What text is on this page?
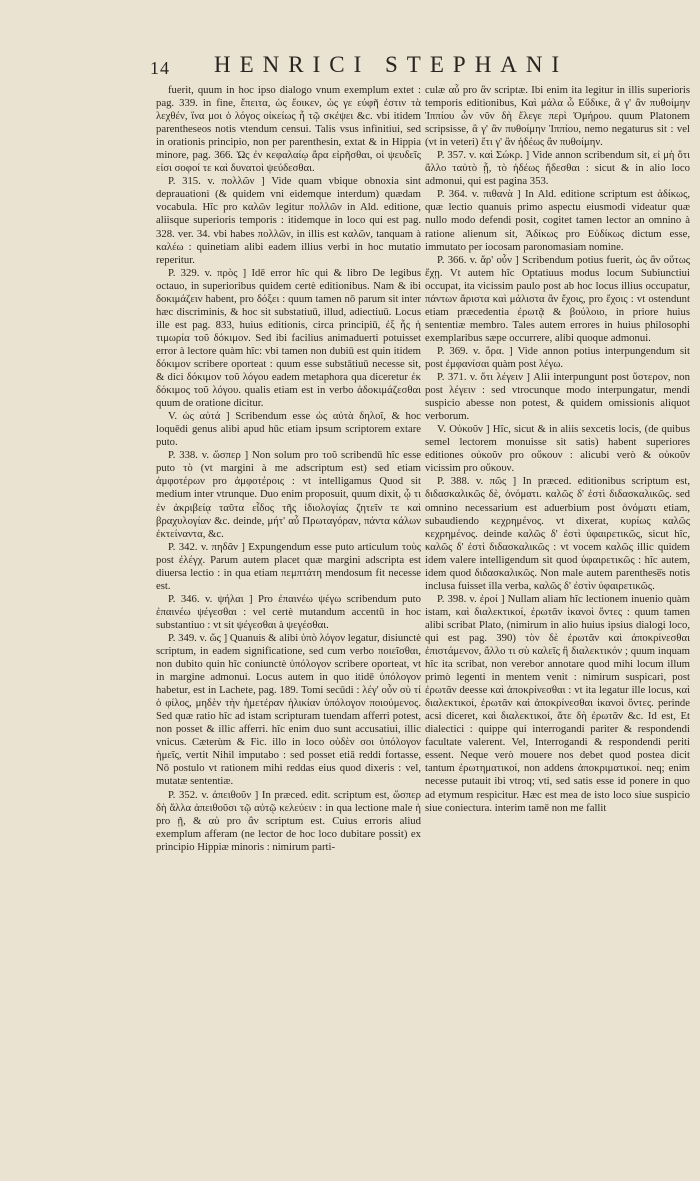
14 HENRICI STEPHANI

fuerit, quum in hoc ipso dialogo vnum exemplum extet : pag. 339. in fine, ἔπειτα, ὡς ἔοικεν, ὡς γε εὐφῆ ἐστιν τὰ λεχθέν, ἵνα μοι ὁ λόγος οἰκείως ἦ τῷ σκέψει &c. vbi itidem parentheseos notis vtendum censui. Talis vsus infinitiui, sed in orationis principio, non per parenthesin, extat & in Hippia minore, pag. 366. Ὡς ἐν κεφαλαίῳ ἄρα εἰρῆσθαι, οἱ ψευδεῖς εἰσι σοφοί τε καὶ δυνατοὶ ψεύδεσθαι.

P. 315. v. πολλῶν ] Vide quam vbique obnoxia sint deprauationi (& quidem vni eidemque interdum) quædam vocabula. Hîc pro καλῶν legitur πολλῶν in Ald. editione, aliisque superioris temporis : itidemque in loco qui est pag. 328. ver. 34. vbi habes πολλῶν, in illis est καλῶν, tanquam à καλέω : quinetiam alibi eadem illius verbi in hoc mutatio reperitur.

P. 329. v. πρὸς ] Idē error hîc qui & libro De legibus octauo, in superioribus quidem certè editionibus. Nam & ibi δοκιμάζειν habent, pro δόξει : quum tamen nō parum sit inter hæc discriminis, & hoc sit substatiuū, illud, adiectiuū. Locus ille est pag. 833, huius editionis, circa principiū, ἐξ ἧς ἡ τιμωρία τοῦ δόκιμον. Sed ibi facilius animaduerti potuisset error à lectore quàm hîc: vbi tamen non dubiū est quin itidem δόκιμον scribere oporteat : quum esse substātiuū necesse sit, & dici δόκιμον τοῦ λόγου eadem metaphora qua diceretur ἐκ δόκιμος τοῦ λόγου. qualis etiam est in verbo ἀδοκιμάζεσθαι quum de oratione dicitur.

V. ὡς αὐτά ] Scribendum esse ὡς αὐτὰ δηλοῖ, & hoc loquēdi genus alibi apud hūc etiam ipsum scriptorem extare puto.

P. 338. v. ὥσπερ ] Non solum pro τοῦ scribendū hîc esse puto τὸ (vt margini à me adscriptum est) sed etiam ἀμφοτέρων pro ἀμφοτέροις : vt intelligamus Quod sit medium inter vtrunque. Duo enim proposuit, quum dixit, ᾧ τι ἐν ἀκριβείᾳ ταῦτα εἶδος τῆς ἰδιολογίας ζητεῖν τε καὶ βραχυλογίαν &c. deinde, μήτ' αὖ Πρωταγόραν, πάντα κάλων ἐκτείναντα, &c.

P. 342. v. πηδᾶν ] Expungendum esse puto articulum τοὺς post ἐλέγχ. Parum autem placet quæ margini adscripta est diuersa lectio : in qua etiam πεμπτάτη mendosum fit necesse est.

P. 346. v. ψήλαι ] Pro ἐπαινέω ψέγω scribendum puto ἐπαινέω ψέγεσθαι : vel certè mutandum accentū in hoc substantiuo : vt sit ψέγεσθαι à ψεγέσθαι.

P. 349. v. ὥς ] Quanuis & alibi ὑπὸ λόγον legatur, disiunctè scriptum, in eadem significatione, sed cum verbo ποιεῖσθαι, non dubito quin hîc coniunctè ὑπόλογον scribere oporteat, vt in margine admonui. Locus autem in quo itidē ὑπόλογον habetur, est in Lachete, pag. 189. Tomi secūdi : λέγ' οὖν σὺ τί ὁ φίλος, μηδὲν τὴν ἡμετέραν ἡλικίαν ὑπόλογον ποιούμενος. Sed quæ ratio hîc ad istam scripturam tuendam afferri potest, non posset & illic afferri. hîc enim duo sunt accusatiui, illic vnicus. Cæterùm & Fic. illo in loco οὐδὲν σοι ὑπόλογον ἡμεῖς, vertit Nihil imputabo : sed posset etiā reddi fortasse, Nō postulo vt rationem mihi reddas eius quod dixeris : vel, mutatæ sententiæ.

P. 352. v. ἀπειθοῦν ] In præced. edit. scriptum est, ὥσπερ δὴ ἄλλα ἀπειθοῦσι τῷ αὐτῷ κελεύειν : in qua lectione male ἡ pro ῇ, & αὐ pro ἂν scriptum est. Cuius erroris aliud exemplum afferam (ne lector de hoc loco dubitare possit) ex principio Hippiæ minoris : nimirum parti-

culæ αὖ pro ἂν scriptæ. Ibi enim ita legitur in illis superioris temporis editionibus, Καὶ μάλα ὦ Εὔδικε, ἃ γ' ἂν πυθοίμην Ἱππίου ὧν νῦν δὴ ἔλεγε περὶ Ὁμήρου. quum Platonem scripsisse, ἃ γ' ἂν πυθοίμην Ἱππίου, nemo negaturus sit : vel (vt in veteri) ἔτι γ' ἂν ἡδέως ἂν πυθοίμην.

P. 357. v. καὶ Σώκρ. ] Vide annon scribendum sit, εἰ μὴ ὅτι ἄλλο ταὐτὸ ᾖ, τὸ ἡδέως ἥδεσθαι : sicut & in alio loco admonui, qui est pagina 353.

P. 364. v. πιθανὰ ] In Ald. editione scriptum est ἀδίκως, quæ lectio quanuis primo aspectu eiusmodi videatur quæ nullo modo defendi posit, cogitet tamen lector an omnino à ratione alienum sit, Ἀδίκως pro Εὐδίκως dictum esse, immutato per iocosam paronomasiam nomine.

P. 366. v. ἄρ' οὖν ] Scribendum potius fuerit, ὡς ἂν οὕτως ἔχῃ. Vt autem hîc Optatiuus modus locum Subiunctiui occupat, ita vicissim paulo post ab hoc locus illius occupatur, πάντων ἄριστα καὶ μάλιστα ἂν ἔχοις, pro ἔχοις : vt ostendunt etiam præcedentia ἐρωτᾷ & βούλοιο, in priore huius sententiæ membro. Tales autem errores in huius philosophi exemplaribus sæpe occurrere, alibi quoque admonui.

P. 369. v. ὅρα. ] Vide annon potius interpungendum sit post ἐμφανίσαι quàm post λέγω.

P. 371. v. ὅτι λέγειν ] Alii interpungunt post ὕστερον, non post λέγειν : sed vtrocunque modo interpungatur, mendi suspicio abesse non potest, & quidem omissionis aliquot verborum.

V. Οὐκοῦν ] Hîc, sicut & in aliis sexcetis locis, (de quibus semel lectorem monuisse sit satis) habent superiores editiones οὐκοῦν pro οὔκουν : alicubi verò & οὐκοῦν vicissim pro οὔκουν.

P. 388. v. πῶς ] In præced. editionibus scriptum est, διδασκαλικῶς δὲ, ὀνόματι. καλῶς δ' ἐστὶ διδασκαλικῶς. sed omnino necessarium est aduerbium post ὀνόματι etiam, subaudiendo κεχρημένος. vt dixerat, κυρίως καλῶς κεχρημένος. deinde καλῶς δ' ἐστὶ ὑφαιρετικῶς, sicut hîc, καλῶς δ' ἐστὶ διδασκαλικῶς : vt vocem καλῶς illic quidem idem valere intelligendum sit quod ὑφαιρετικῶς : hîc autem, idem quod διδασκαλικῶς. Non male autem parenthese̅s notis inclusa fuisset illa verba, καλῶς δ' ἐστὶν ὑφαιρετικῶς.

P. 398. v. ἐροί ] Nullam aliam hîc lectionem inuenio quàm istam, καὶ διαλεκτικοί, ἐρωτᾶν ἱκανοὶ ὄντες : quum tamen alibi scribat Plato, (nimirum in alio huius ipsius dialogi loco, qui est pag. 390) τὸν δὲ ἐρωτᾶν καὶ ἀποκρίνεσθαι ἐπιστάμενον, ἄλλο τι σὺ καλεῖς ἢ διαλεκτικόν ; quum inquam hîc ita scribat, non verebor annotare quod mihi locum illum primò legenti in mentem venit : nimirum suspicari, post ἐρωτᾶν deesse καὶ ἀποκρίνεσθαι : vt ita legatur ille locus, καὶ διαλεκτικοί, ἐρωτᾶν καὶ ἀποκρίνεσθαι ἱκανοὶ ὄντες. perinde acsi diceret, καὶ διαλεκτικοί, ἅτε δὴ ἐρωτᾶν &c. Id est, Et dialectici : quippe qui interrogandi pariter & respondendi facultate valerent. Vel, Interrogandi & respondendi periti essent. Neque verò mouere nos debet quod postea dicit tantum ἐρωτηματικοί, non addens ἀποκριματικοί. neq; enim necesse putauit ibi vtroq; vti, sed satis esse id ponere in quo ad etymum respicitur. Hæc est mea de isto loco siue suspicio siue coniectura. interim tamē non me fallit
